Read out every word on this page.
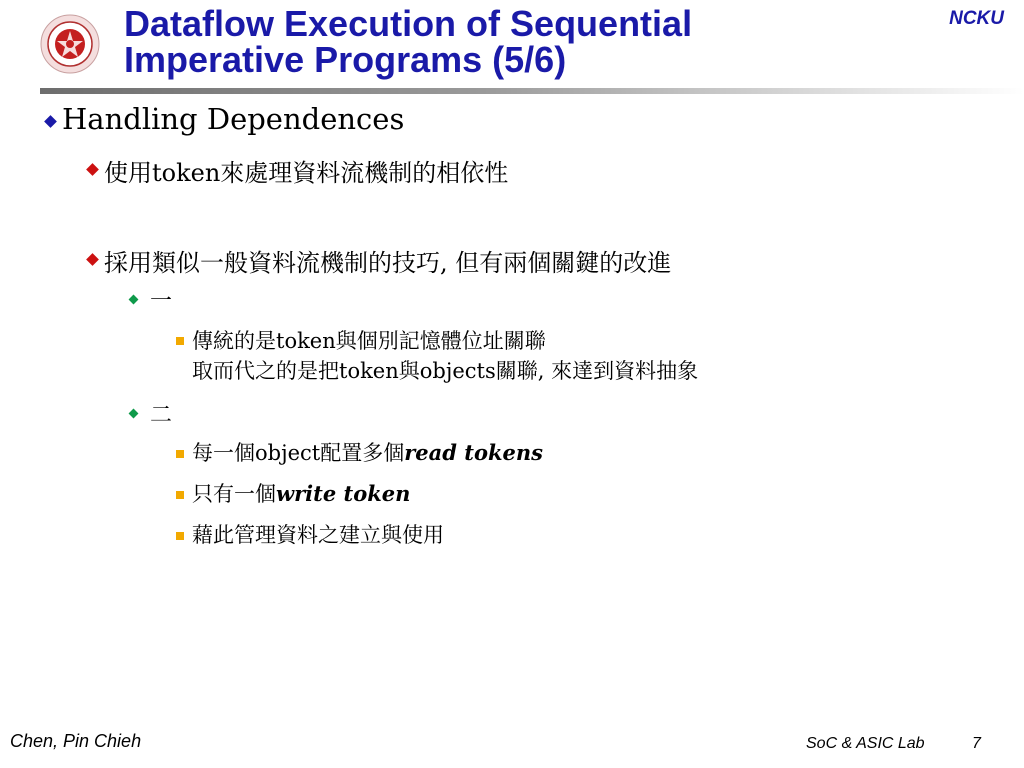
Dataflow Execution of Sequential
Imperative Programs (5/6)
NCKU
Handling Dependences
使用token來處理資料流機制的相依性
採用類似一般資料流機制的技巧, 但有兩個關鍵的改進
一
傳統的是token與個別記憶體位址關聯
取而代之的是把token與objects關聯, 來達到資料抽象
二
每一個object配置多個read tokens
只有一個write token
藉此管理資料之建立與使用
Chen, Pin Chieh	SoC & ASIC Lab	7
